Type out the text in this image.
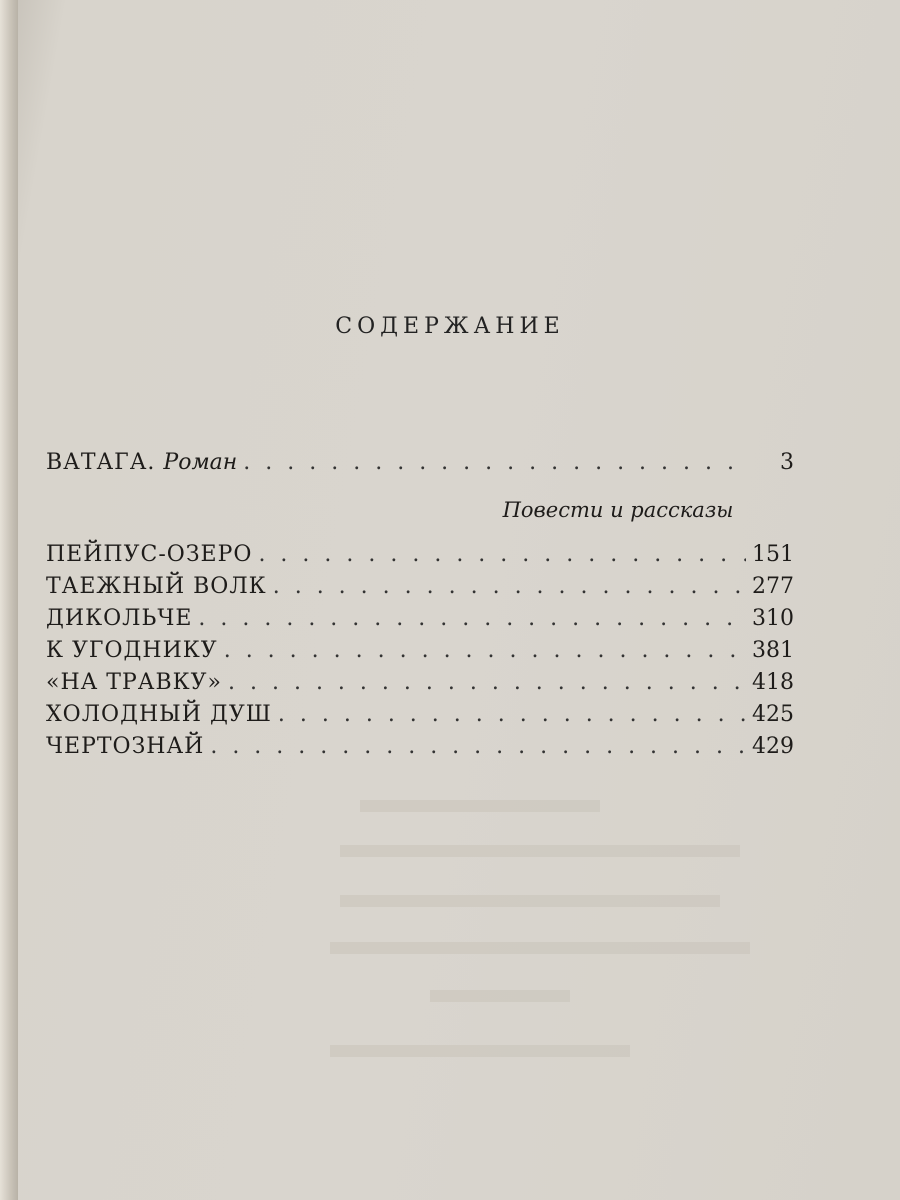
СОДЕРЖАНИЕ
ВАТАГА. Роман . . .	3
Повести и рассказы
ПЕЙПУС-ОЗЕРО . . .	151
ТАЕЖНЫЙ ВОЛК . . .	277
ДИКОЛЬЧЕ . . .	310
К УГОДНИКУ . . .	381
«НА ТРАВКУ» . . .	418
ХОЛОДНЫЙ ДУШ . . .	425
ЧЕРТОЗНАЙ . . .	429
